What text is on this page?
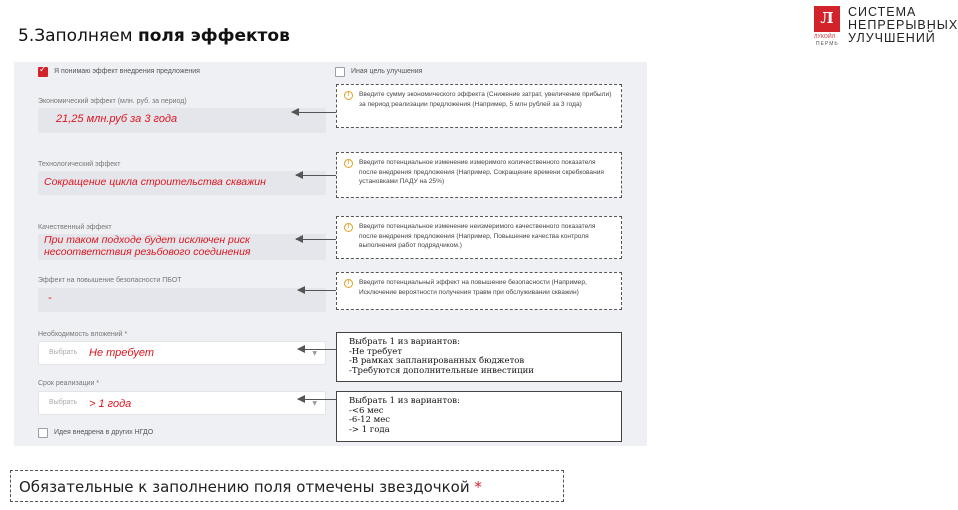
5.Заполняем поля эффектов
Л
ЛУКОЙЛ
ПЕРМЬ
СИСТЕМА
НЕПРЕРЫВНЫХ
УЛУЧШЕНИЙ
✓
Я понимаю эффект внедрения предложения	Иная цель улучшения
Экономический эффект (млн. руб. за период)
21,25 млн.руб за 3 года
Технологический эффект
Сокращение цикла строительства скважин
Качественный эффект
При таком подходе будет исключен риск
несоответствия резьбового соединения
Эффект на повышение безопасности ПБОТ
-
Необходимость вложений *
Выбрать Не требует	▼
Срок реализации *
Выбрать > 1 года	▼
Идея внедрена в других НГДО
!	Введите сумму экономического эффекта (Снижение затрат, увеличение прибыли) за период реализации предложения (Например, 5 млн рублей за 3 года)
!	Введите потенциальное изменение измеримого количественного показателя после внедрения предложения (Например, Сокращение времени скребкования установками ПАДУ на 25%)
!	Введите потенциальное изменение неизмеримого качественного показателя после внедрения предложения (Например, Повышение качества контроля выполнения работ подрядчиком.)
!	Введите потенциальный эффект на повышение безопасности (Например, Исключение вероятности получения травм при обслуживании скважин)
Выбрать 1 из вариантов:
-Не требует
-В рамках запланированных бюджетов
-Требуются дополнительные инвестиции
Выбрать 1 из вариантов:
-<6 мес
-6-12 мес
-> 1 года
Обязательные к заполнению поля отмечены звездочкой *
